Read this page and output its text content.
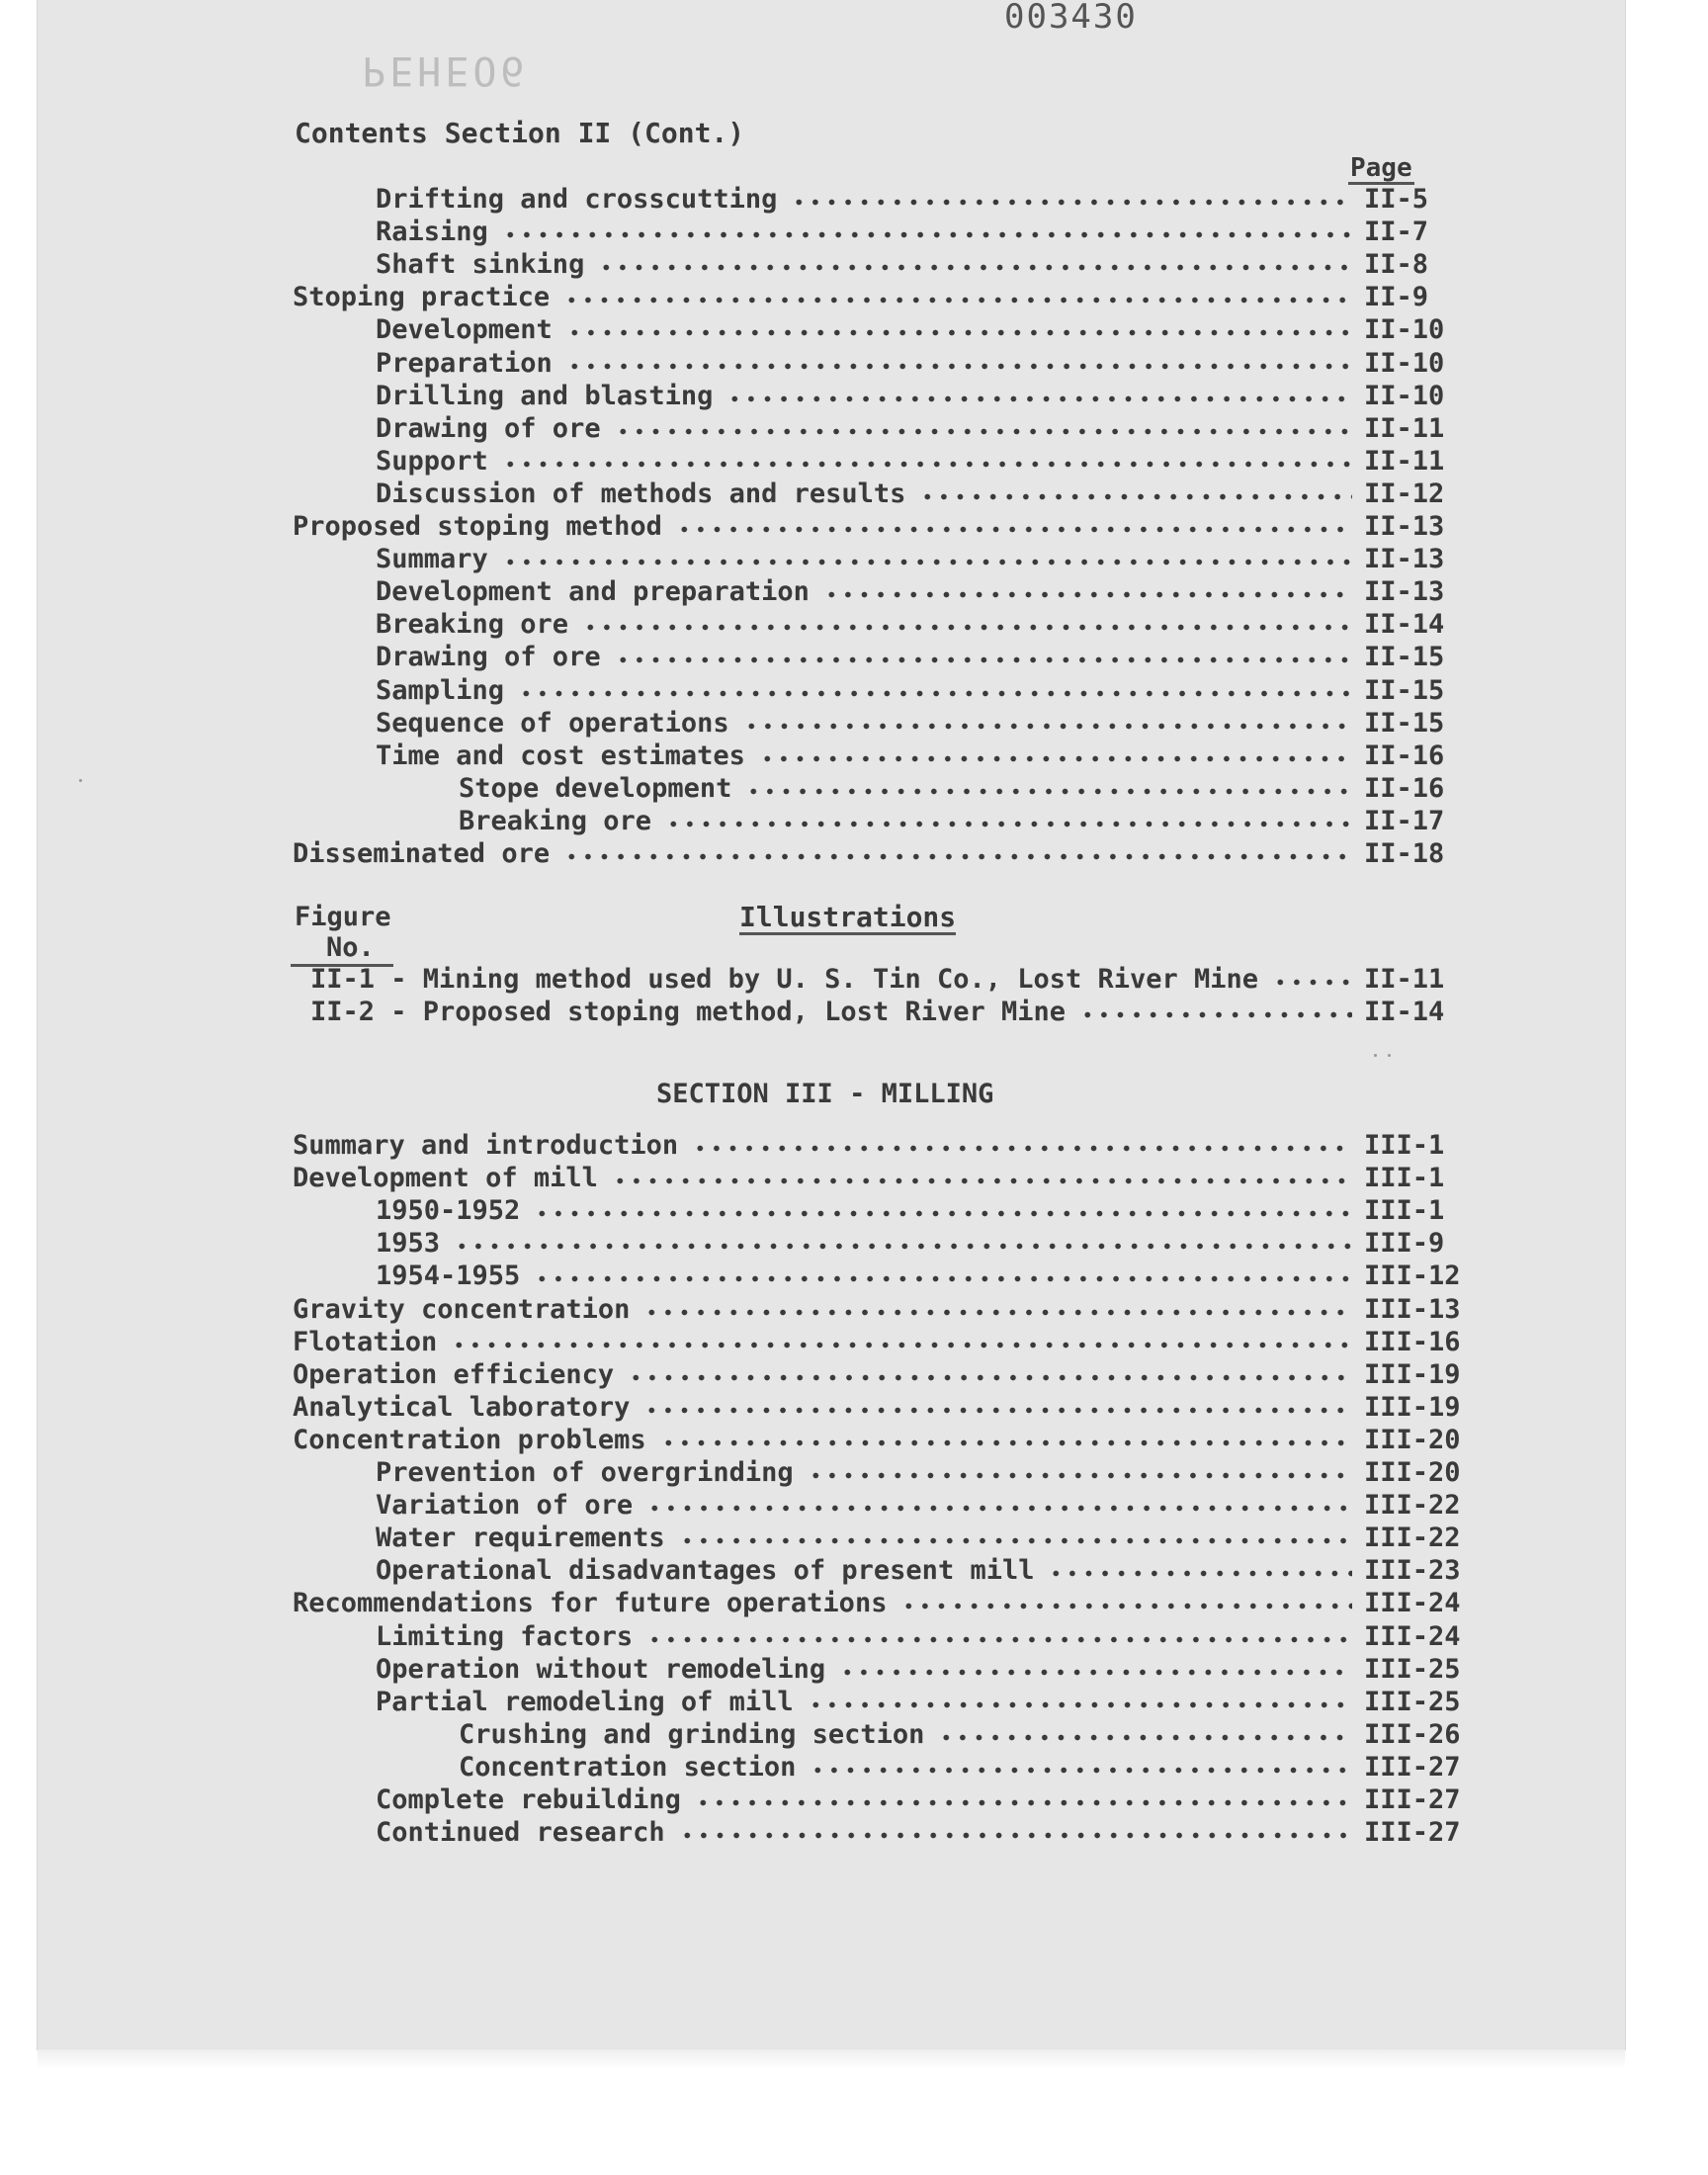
003430
PEHEO6
Contents Section II (Cont.)
Page
Drifting and crosscutting	II-5
Raising	II-7
Shaft sinking	II-8
Stoping practice	II-9
Development	II-10
Preparation	II-10
Drilling and blasting	II-10
Drawing of ore	II-11
Support	II-11
Discussion of methods and results	II-12
Proposed stoping method	II-13
Summary	II-13
Development and preparation	II-13
Breaking ore	II-14
Drawing of ore	II-15
Sampling	II-15
Sequence of operations	II-15
Time and cost estimates	II-16
Stope development	II-16
Breaking ore	II-17
Disseminated ore	II-18
Figure
No.
Illustrations
II-1 - Mining method used by U. S. Tin Co., Lost River Mine	II-11
II-2 - Proposed stoping method, Lost River Mine	II-14
SECTION III - MILLING
Summary and introduction	III-1
Development of mill	III-1
1950-1952	III-1
1953	III-9
1954-1955	III-12
Gravity concentration	III-13
Flotation	III-16
Operation efficiency	III-19
Analytical laboratory	III-19
Concentration problems	III-20
Prevention of overgrinding	III-20
Variation of ore	III-22
Water requirements	III-22
Operational disadvantages of present mill	III-23
Recommendations for future operations	III-24
Limiting factors	III-24
Operation without remodeling	III-25
Partial remodeling of mill	III-25
Crushing and grinding section	III-26
Concentration section	III-27
Complete rebuilding	III-27
Continued research	III-27
